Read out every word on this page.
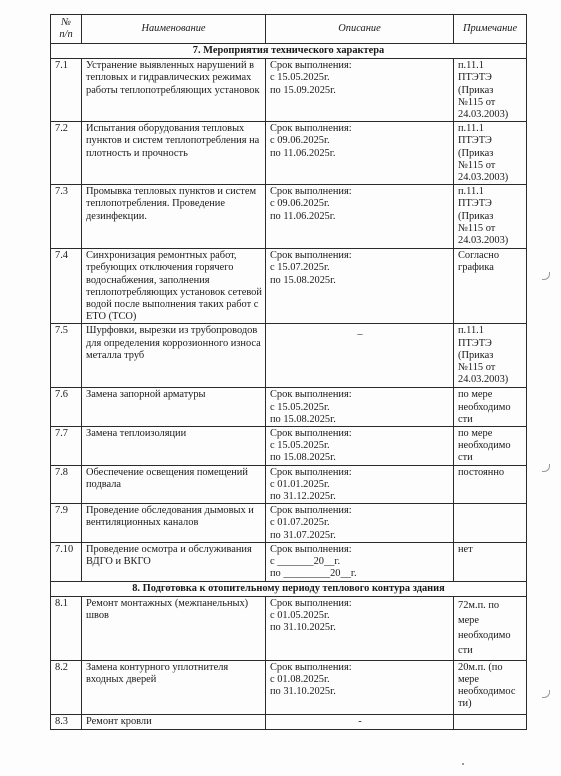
№
п/п	Наименование	Описание	Примечание
7. Мероприятия технического характера			
7.1	Устранение выявленных нарушений в тепловых и гидравлических режимах работы теплопотребляющих установок	Срок выполнения:
с 15.05.2025г.
по 15.09.2025г.	п.11.1
ПТЭТЭ
(Приказ
№115 от
24.03.2003)
7.2	Испытания оборудования тепловых пунктов и систем теплопотребления на плотность и прочность	Срок выполнения:
с 09.06.2025г.
по 11.06.2025г.	п.11.1
ПТЭТЭ
(Приказ
№115 от
24.03.2003)
7.3	Промывка тепловых пунктов и систем теплопотребления. Проведение дезинфекции.	Срок выполнения:
с 09.06.2025г.
по 11.06.2025г.	п.11.1
ПТЭТЭ
(Приказ
№115 от
24.03.2003)
7.4	Синхронизация ремонтных работ, требующих отключения горячего водоснабжения, заполнения теплопотребляющих установок сетевой водой после выполнения таких работ с ЕТО (ТСО)	Срок выполнения:
с 15.07.2025г.
по 15.08.2025г.	Согласно
графика
7.5	Шурфовки, вырезки из трубопроводов для определения коррозионного износа металла труб	_	п.11.1
ПТЭТЭ
(Приказ
№115 от
24.03.2003)
7.6	Замена запорной арматуры	Срок выполнения:
с 15.05.2025г.
по 15.08.2025г.	по мере
необходимо
сти
7.7	Замена теплоизоляции	Срок выполнения:
с 15.05.2025г.
по 15.08.2025г.	по мере
необходимо
сти
7.8	Обеспечение освещения помещений подвала	Срок выполнения:
с 01.01.2025г.
по 31.12.2025г.	постоянно
7.9	Проведение обследования дымовых и вентиляционных каналов	Срок выполнения:
с 01.07.2025г.
по 31.07.2025г.	
7.10	Проведение осмотра и обслуживания ВДГО и ВКГО	Срок выполнения:
с _______20__г.
по _________20__г.	нет
8. Подготовка к отопительному периоду теплового контура здания			
8.1	Ремонт монтажных (межпанельных) швов	Срок выполнения:
с 01.05.2025г.
по 31.10.2025г.	72м.п. по
мере
необходимо
сти
8.2	Замена контурного уплотнителя входных дверей	Срок выполнения:
с 01.08.2025г.
по 31.10.2025г.	20м.п. (по
мере
необходимос
ти)
8.3	Ремонт кровли	-	
